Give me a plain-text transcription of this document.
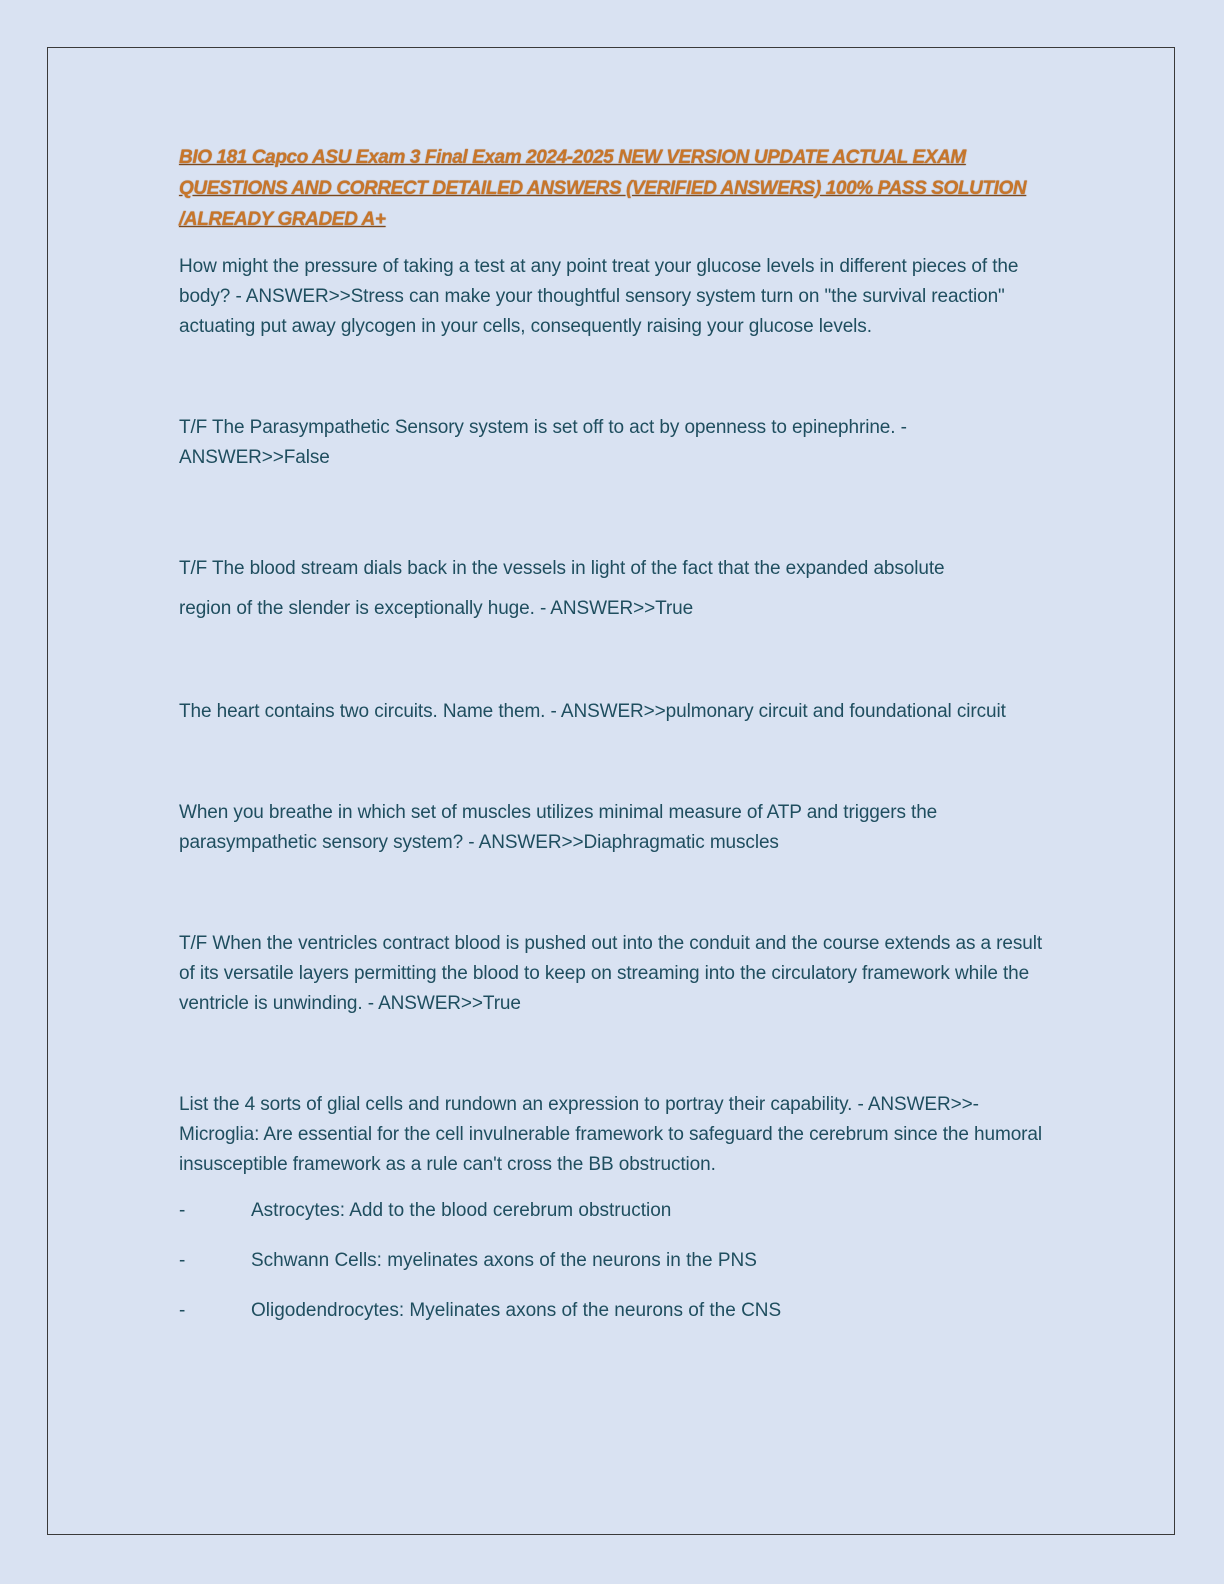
BIO 181 Capco ASU Exam 3 Final Exam 2024-2025 NEW VERSION UPDATE ACTUAL EXAM QUESTIONS AND CORRECT DETAILED ANSWERS (VERIFIED ANSWERS) 100% PASS SOLUTION /ALREADY GRADED A+

How might the pressure of taking a test at any point treat your glucose levels in different pieces of the body? - ANSWER>>Stress can make your thoughtful sensory system turn on "the survival reaction" actuating put away glycogen in your cells, consequently raising your glucose levels.

T/F The Parasympathetic Sensory system is set off to act by openness to epinephrine. - ANSWER>>False

T/F The blood stream dials back in the vessels in light of the fact that the expanded absolute
region of the slender is exceptionally huge. - ANSWER>>True

The heart contains two circuits. Name them. - ANSWER>>pulmonary circuit and foundational circuit

When you breathe in which set of muscles utilizes minimal measure of ATP and triggers the parasympathetic sensory system? - ANSWER>>Diaphragmatic muscles

T/F When the ventricles contract blood is pushed out into the conduit and the course extends as a result of its versatile layers permitting the blood to keep on streaming into the circulatory framework while the ventricle is unwinding. - ANSWER>>True

List the 4 sorts of glial cells and rundown an expression to portray their capability. - ANSWER>>- Microglia: Are essential for the cell invulnerable framework to safeguard the cerebrum since the humoral insusceptible framework as a rule can't cross the BB obstruction.

-	Astrocytes: Add to the blood cerebrum obstruction
-	Schwann Cells: myelinates axons of the neurons in the PNS
-	Oligodendrocytes: Myelinates axons of the neurons of the CNS
